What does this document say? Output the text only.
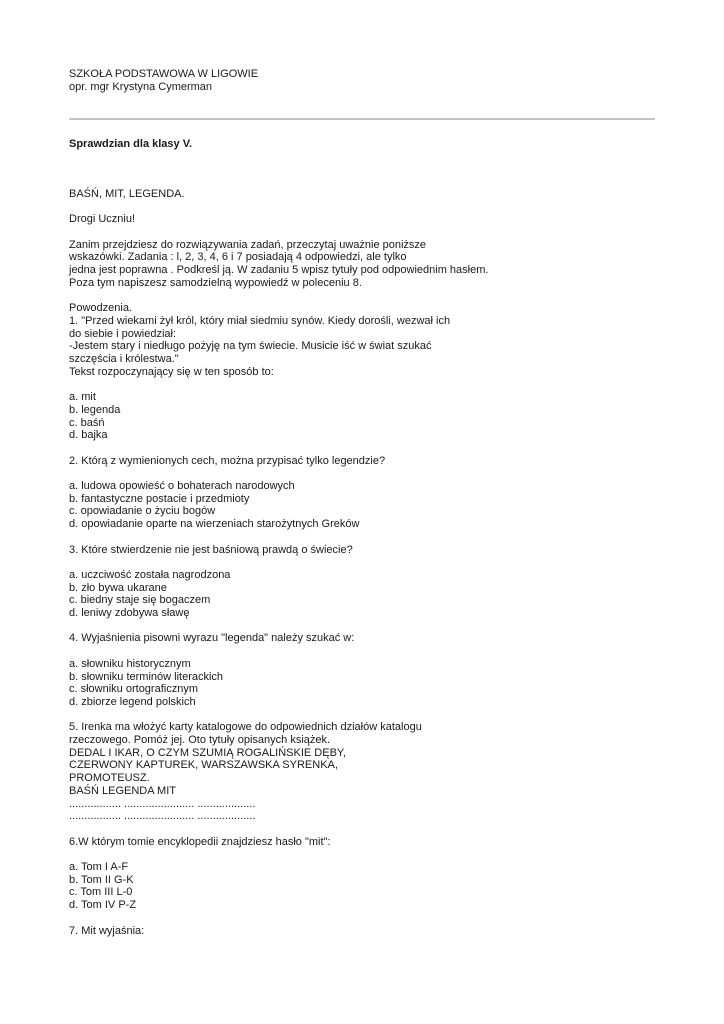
SZKOŁA PODSTAWOWA W LIGOWIE
opr. mgr Krystyna Cymerman
Sprawdzian dla klasy V.
BAŚŃ, MIT, LEGENDA.
Drogi Uczniu!
Zanim przejdziesz do rozwiązywania zadań, przeczytaj uważnie poniższe
wskazówki. Zadania : l, 2, 3, 4, 6 i 7 posiadają 4 odpowiedzi, ale tylko
jedna jest poprawna . Podkreśl ją. W zadaniu 5 wpisz tytuły pod odpowiednim hasłem.
Poza tym napiszesz samodzielną wypowiedź w poleceniu 8.
Powodzenia.
1. "Przed wiekami żył król, który miał siedmiu synów. Kiedy dorośli, wezwał ich
do siebie i powiedział:
-Jestem stary i niedługo pożyję na tym świecie. Musicie iść w świat szukać
szczęścia i królestwa."
Tekst rozpoczynający się w ten sposób to:
a. mit
b. legenda
c. baśń
d. bajka
2. Którą z wymienionych cech, można przypisać tylko legendzie?
a. ludowa opowieść o bohaterach narodowych
b. fantastyczne postacie i przedmioty
c. opowiadanie o życiu bogów
d. opowiadanie oparte na wierzeniach starożytnych Greków
3. Które stwierdzenie nie jest baśniową prawdą o świecie?
a. uczciwość została nagrodzona
b. zło bywa ukarane
c. biedny staje się bogaczem
d. leniwy zdobywa sławę
4. Wyjaśnienia pisowni wyrazu "legenda" należy szukać w:
a. słowniku historycznym
b. słowniku terminów literackich
c. słowniku ortograficznym
d. zbiorze legend polskich
5. Irenka ma włożyć karty katalogowe do odpowiednich działów katalogu
rzeczowego. Pomóż jej. Oto tytuły opisanych książek.
DEDAL I IKAR, O CZYM SZUMIĄ ROGALIŃSKIE DĘBY,
CZERWONY KAPTUREK, WARSZAWSKA SYRENKA,
PROMOTEUSZ.
BAŚŃ LEGENDA MIT
................. ....................... ...................
................. ....................... ...................
6.W którym tomie encyklopedii znajdziesz hasło "mit":
a. Tom I A-F
b. Tom II G-K
c. Tom III L-0
d. Tom IV P-Z
7. Mit wyjaśnia:
